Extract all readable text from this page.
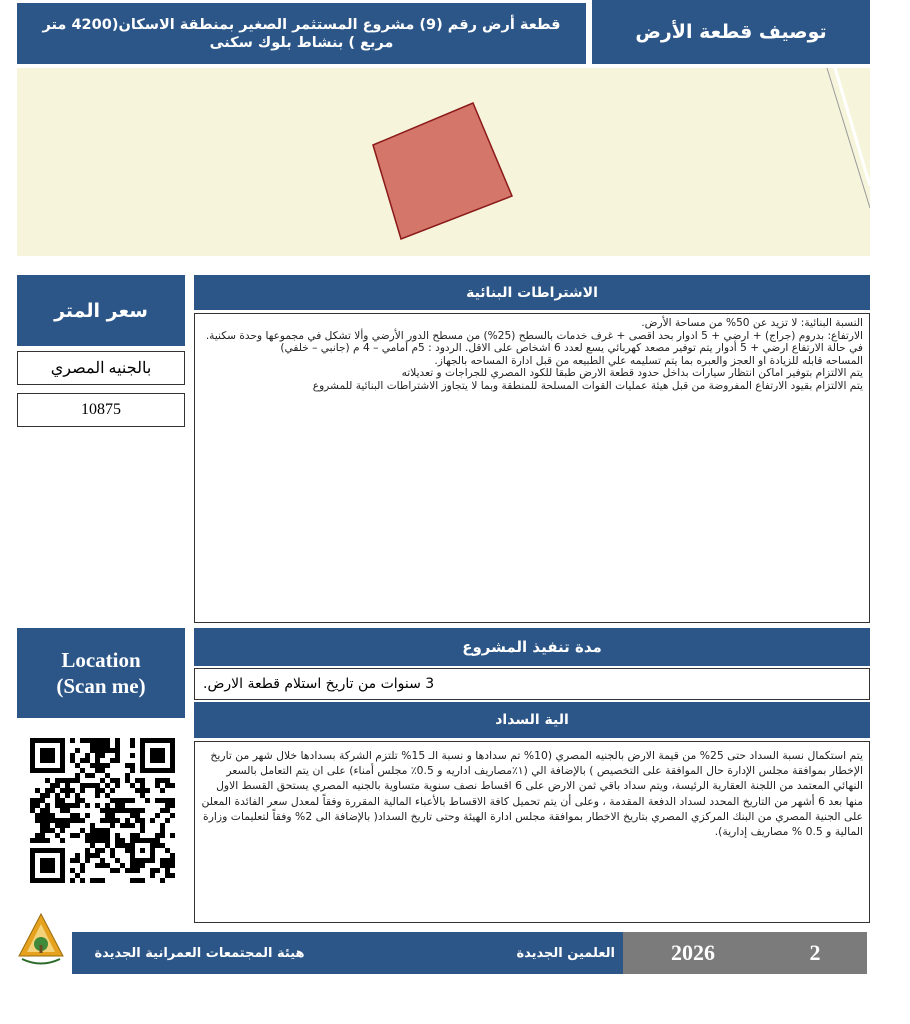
قطعة أرض رقم (9) مشروع المستثمر الصغير بمنطقة الاسكان(4200 متر مربع ) بنشاط بلوك سكنى	توصيف قطعة الأرض
سعر المتر
بالجنيه المصري
10875
الاشتراطات البنائية

النسبة البنائية: لا تزيد عن 50% من مساحة الأرض.

الارتفاع: بدروم (جراج) + ارضي + 5 ادوار بحد اقصى + غرف خدمات بالسطح (25%) من مسطح الدور الأرضي وألا تشكل في مجموعها وحدة سكنية.

في حالة الارتفاع ارضي + 5 أدوار يتم توفير مصعد كهربائي يسع لعدد 6 اشخاص على الاقل. الردود : 5م أمامي – 4 م (جانبي – خلفي)

المساحه قابله للزيادة او العجز والعبره بما يتم تسليمه علي الطبيعه من قبل ادارة المساحه بالجهاز.

يتم الالتزام بتوفير اماكن انتظار سيارات بداخل حدود قطعة الارض طبقا للكود المصري للجراجات و تعديلاته

يتم الالتزام بقيود الارتفاع المفروضة من قبل هيئة عمليات القوات المسلحة للمنطقة وبما لا يتجاوز الاشتراطات البنائية للمشروع

Location
(Scan me)
مدة تنفيذ المشروع
3 سنوات من تاريخ استلام قطعة الارض.
الية السداد
يتم استكمال نسبة السداد حتى 25% من قيمة الارض بالجنيه المصري (10% تم سدادها و نسبة الـ 15% تلتزم الشركة بسدادها خلال شهر من تاريخ الإخطار بموافقة مجلس الإدارة حال الموافقة على التخصيص ) بالإضافة الي (١٪مصاريف اداريه و 0.5٪ مجلس أمناء) على ان يتم التعامل بالسعر النهائي المعتمد من اللجنة العقارية الرئيسة، ويتم سداد باقي ثمن الارض على 6 اقساط نصف سنوية متساوية بالجنيه المصري يستحق القسط الاول منها بعد 6 أشهر من التاريخ المحدد لسداد الدفعة المقدمة ، وعلى أن يتم تحميل كافة الاقساط بالأعباء المالية المقررة وفقاً لمعدل سعر الفائدة المعلن على الجنية المصري من البنك المركزي المصري بتاريخ الاخطار بموافقة مجلس ادارة الهيئة وحتى تاريخ السداد( بالإضافة الى 2% وفقاً لتعليمات وزارة المالية و 0.5 % مصاريف إدارية).
هيئة المجتمعات العمرانية الجديدة	العلمين الجديدة	2026	2
